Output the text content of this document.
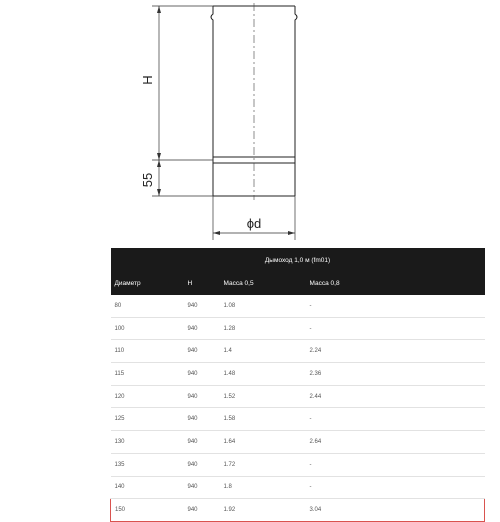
H
55
ϕd
Дымоход 1,0 м (fm01)			
Диаметр	H	Масса 0,5	Масса 0,8
80	940	1.08	-
100	940	1.28	-
110	940	1.4	2.24
115	940	1.48	2.36
120	940	1.52	2.44
125	940	1.58	-
130	940	1.64	2.64
135	940	1.72	-
140	940	1.8	-
150	940	1.92	3.04
